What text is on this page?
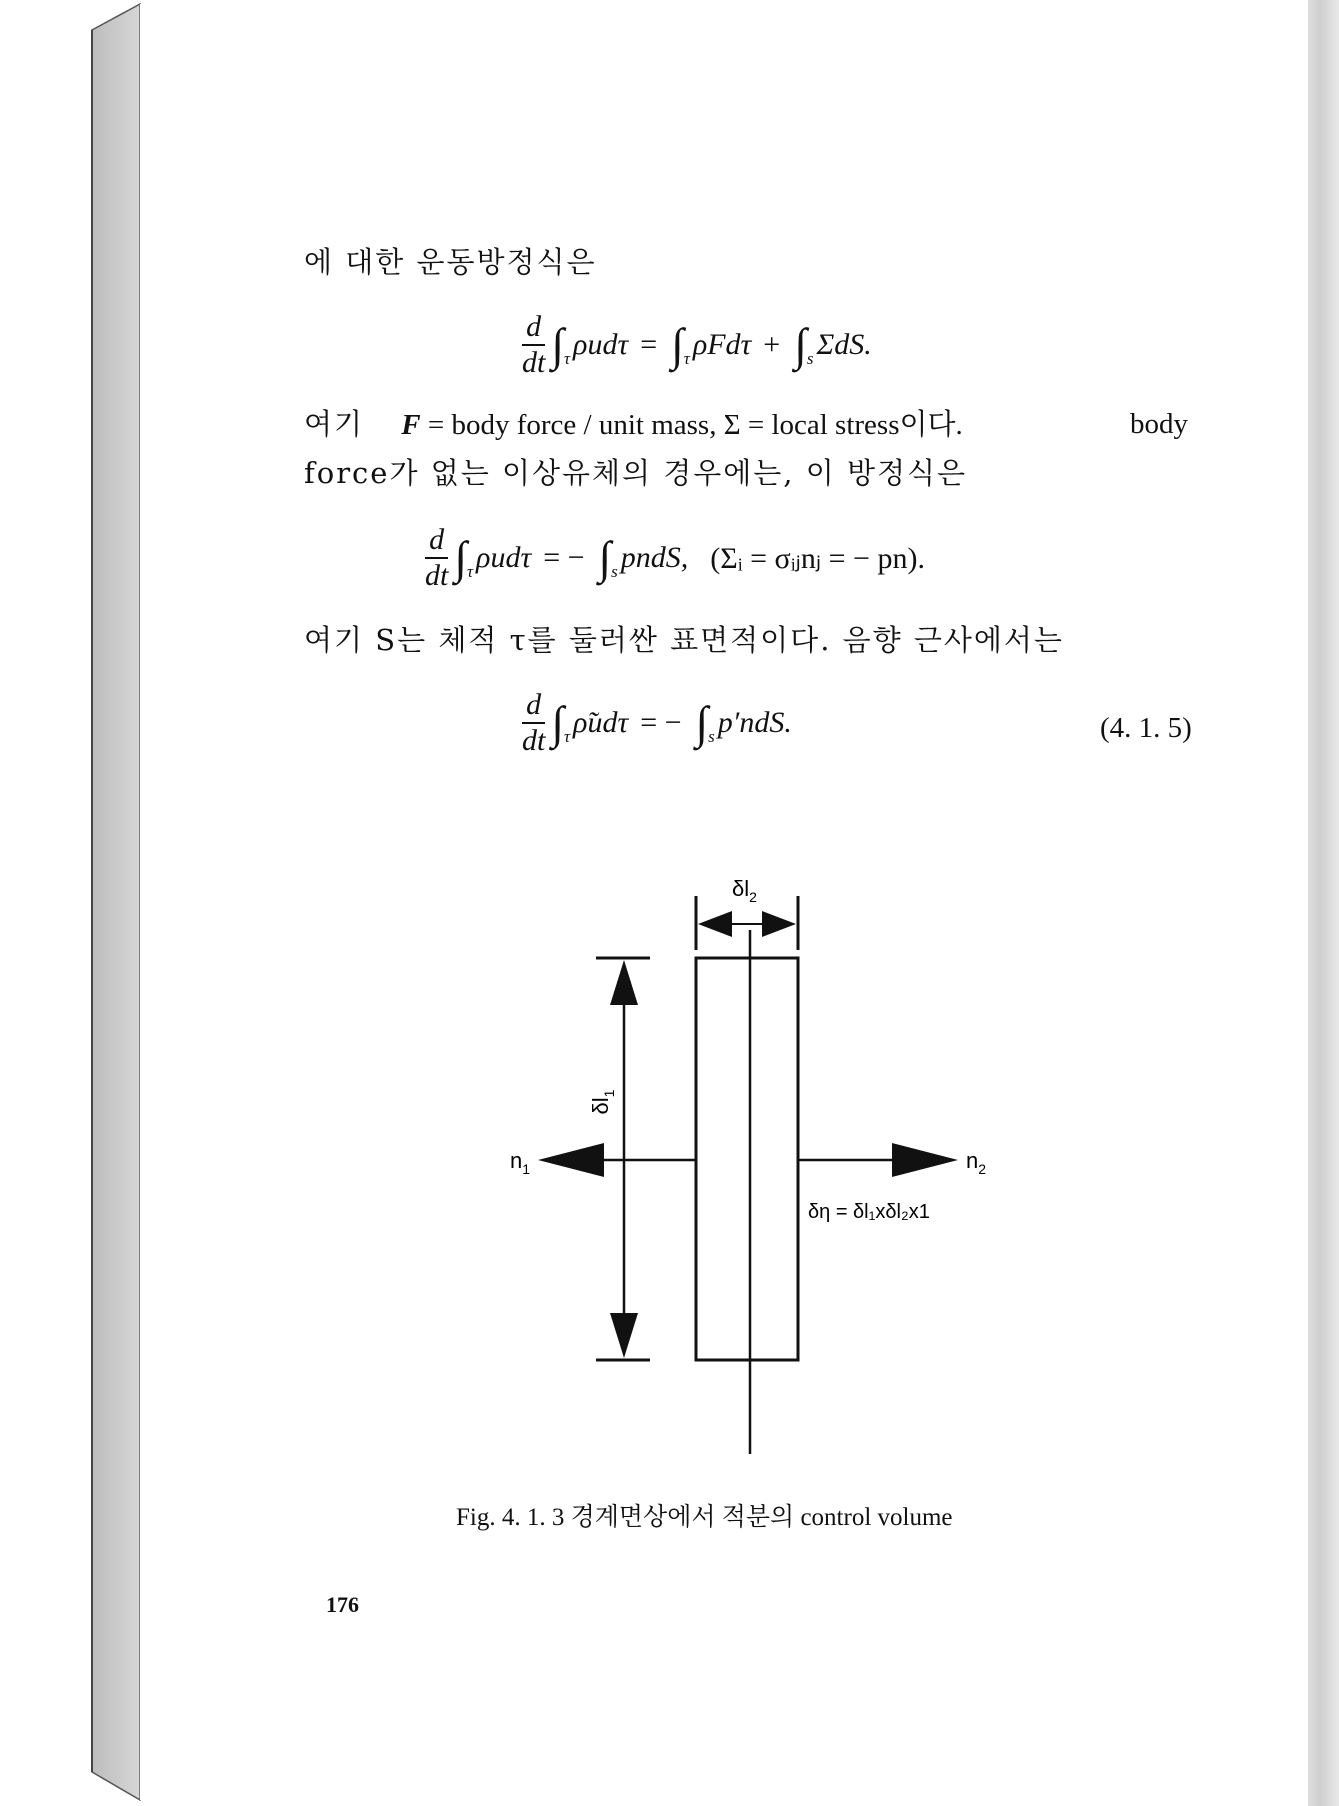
에 대한 운동방정식은
$\frac{d}{dt}$ ∫ τ ρudτ = ∫ τ ρFdτ + ∫ s ΣdS.
여기 F = body force / unit mass, Σ = local stress이다.	body
force가 없는 이상유체의 경우에는, 이 방정식은
$\frac{d}{dt}$ ∫ τ ρudτ = − ∫ s pndS, (Σᵢ = σᵢⱼnⱼ = − pn).
여기 S는 체적 τ를 둘러싼 표면적이다. 음향 근사에서는
$\frac{d}{dt}$ ∫ τ ρ̃udτ = − ∫ s p′ndS.	(4. 1. 5)
$\delta l_2$
$\delta l_1$
$n_1$	$n_2$
δη = δl₁xδl₂x1
Fig. 4. 1. 3 경계면상에서 적분의 control volume
176
